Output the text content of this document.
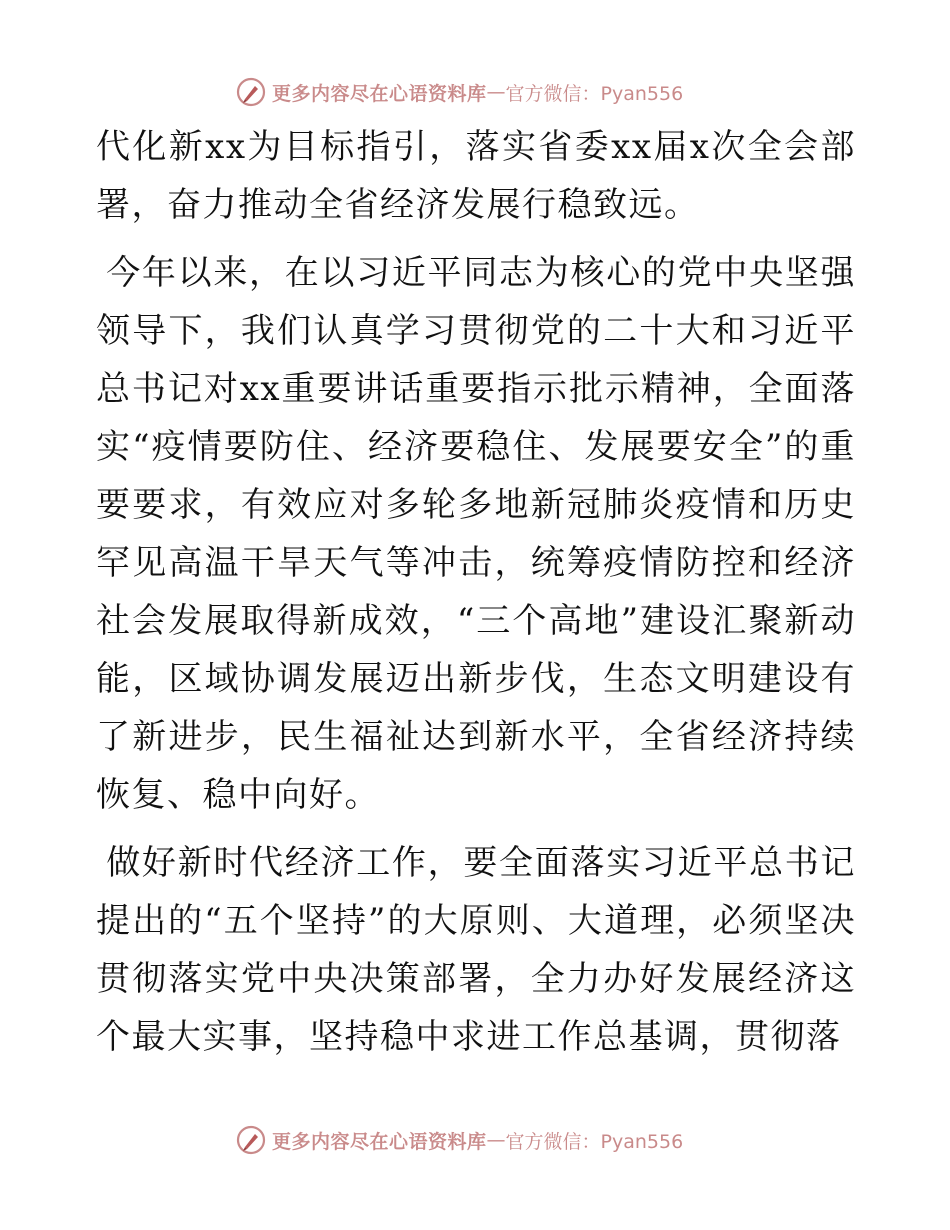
更多内容尽在心语资料库 — 官方微信：Pyan556

代化新xx为目标指引，落实省委xx届x次全会部署，奋力推动全省经济发展行稳致远。

今年以来，在以习近平同志为核心的党中央坚强领导下，我们认真学习贯彻党的二十大和习近平总书记对xx重要讲话重要指示批示精神，全面落实“疫情要防住、经济要稳住、发展要安全”的重要要求，有效应对多轮多地新冠肺炎疫情和历史罕见高温干旱天气等冲击，统筹疫情防控和经济社会发展取得新成效，“三个高地”建设汇聚新动能，区域协调发展迈出新步伐，生态文明建设有了新进步，民生福祉达到新水平，全省经济持续恢复、稳中向好。

做好新时代经济工作，要全面落实习近平总书记提出的“五个坚持”的大原则、大道理，必须坚决贯彻落实党中央决策部署，全力办好发展经济这个最大实事，坚持稳中求进工作总基调，贯彻落

更多内容尽在心语资料库 — 官方微信：Pyan556
